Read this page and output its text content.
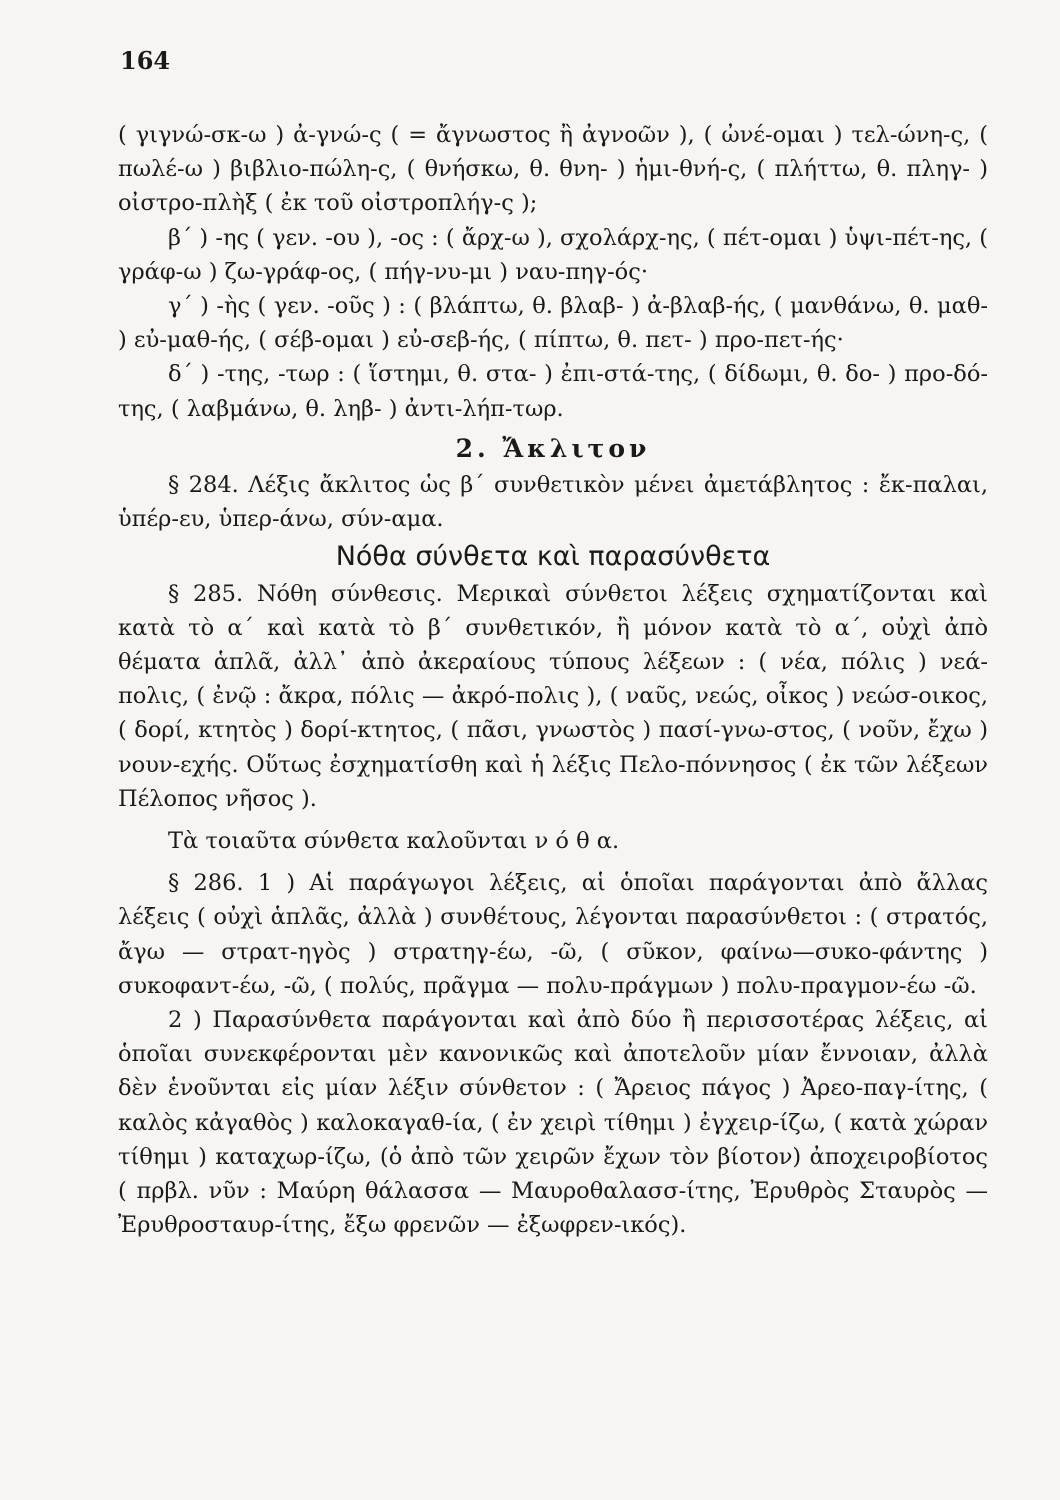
164

( γιγνώ-σκ-ω ) ἀ-γνώ-ς ( = ἄγνωστος ἢ ἀγνοῶν ), ( ὠνέ-ομαι ) τελ-ώνη-ς, ( πωλέ-ω ) βιβλιο-πώλη-ς, ( θνήσκω, θ. θνη- ) ἡμι-θνή-ς, ( πλήττω, θ. πληγ- ) οἰστρο-πλὴξ ( ἐκ τοῦ οἰστροπλήγ-ς );

β΄ ) -ης ( γεν. -ου ), -ος : ( ἄρχ-ω ), σχολάρχ-ης, ( πέτ-ομαι ) ὑψι-πέτ-ης, ( γράφ-ω ) ζω-γράφ-ος, ( πήγ-νυ-μι ) ναυ-πηγ-ός·

γ΄ ) -ὴς ( γεν. -οῦς ) : ( βλάπτω, θ. βλαβ- ) ἀ-βλαβ-ής, ( μανθάνω, θ. μαθ- ) εὐ-μαθ-ής, ( σέβ-ομαι ) εὐ-σεβ-ής, ( πίπτω, θ. πετ- ) προ-πετ-ής·

δ΄ ) -της, -τωρ : ( ἵστημι, θ. στα- ) ἐπι-στά-της, ( δίδωμι, θ. δο- ) προ-δό-της, ( λαβμάνω, θ. ληβ- ) ἀντι-λήπ-τωρ.

2. Ἄκλιτον

§ 284. Λέξις ἄκλιτος ὡς β΄ συνθετικὸν μένει ἀμετάβλητος : ἔκ-παλαι, ὑπέρ-ευ, ὑπερ-άνω, σύν-αμα.

Νόθα σύνθετα καὶ παρασύνθετα

§ 285. Νόθη σύνθεσις. Μερικαὶ σύνθετοι λέξεις σχηματίζονται καὶ κατὰ τὸ α΄ καὶ κατὰ τὸ β΄ συνθετικόν, ἢ μόνον κατὰ τὸ α΄, οὐχὶ ἀπὸ θέματα ἁπλᾶ, ἀλλ᾽ ἀπὸ ἀκεραίους τύπους λέξεων : ( νέα, πόλις ) νεά-πολις, ( ἐνῷ : ἄκρα, πόλις — ἀκρό-πολις ), ( ναῦς, νεώς, οἶκος ) νεώσ-οικος, ( δορί, κτητὸς ) δορί-κτητος, ( πᾶσι, γνωστὸς ) πασί-γνω-στος, ( νοῦν, ἔχω ) νουν-εχής. Οὕτως ἐσχηματίσθη καὶ ἡ λέξις Πελο-πόννησος ( ἐκ τῶν λέξεων Πέλοπος νῆσος ).

Τὰ τοιαῦτα σύνθετα καλοῦνται ν ό θ α.

§ 286. 1 ) Αἱ παράγωγοι λέξεις, αἱ ὁποῖαι παράγονται ἀπὸ ἄλλας λέξεις ( οὐχὶ ἁπλᾶς, ἀλλὰ ) συνθέτους, λέγονται παρασύνθετοι : ( στρατός, ἄγω — στρατ-ηγὸς ) στρατηγ-έω, -ῶ, ( σῦκον, φαίνω—συκο-φάντης ) συκοφαντ-έω, -ῶ, ( πολύς, πρᾶγμα — πολυ-πράγμων ) πολυ-πραγμον-έω -ῶ.

2 ) Παρασύνθετα παράγονται καὶ ἀπὸ δύο ἢ περισσοτέρας λέξεις, αἱ ὁποῖαι συνεκφέρονται μὲν κανονικῶς καὶ ἀποτελοῦν μίαν ἔννοιαν, ἀλλὰ δὲν ἑνοῦνται εἰς μίαν λέξιν σύνθετον : ( Ἄρειος πάγος ) Ἀρεο-παγ-ίτης, ( καλὸς κἀγαθὸς ) καλοκαγαθ-ία, ( ἐν χειρὶ τίθημι ) ἐγχειρ-ίζω, ( κατὰ χώραν τίθημι ) καταχωρ-ίζω, (ὁ ἀπὸ τῶν χειρῶν ἔχων τὸν βίοτον) ἀποχειροβίοτος ( πρβλ. νῦν : Μαύρη θάλασσα — Μαυροθαλασσ-ίτης, Ἐρυθρὸς Σταυρὸς — Ἐρυθροσταυρ-ίτης, ἔξω φρενῶν — ἐξωφρεν-ικός).
